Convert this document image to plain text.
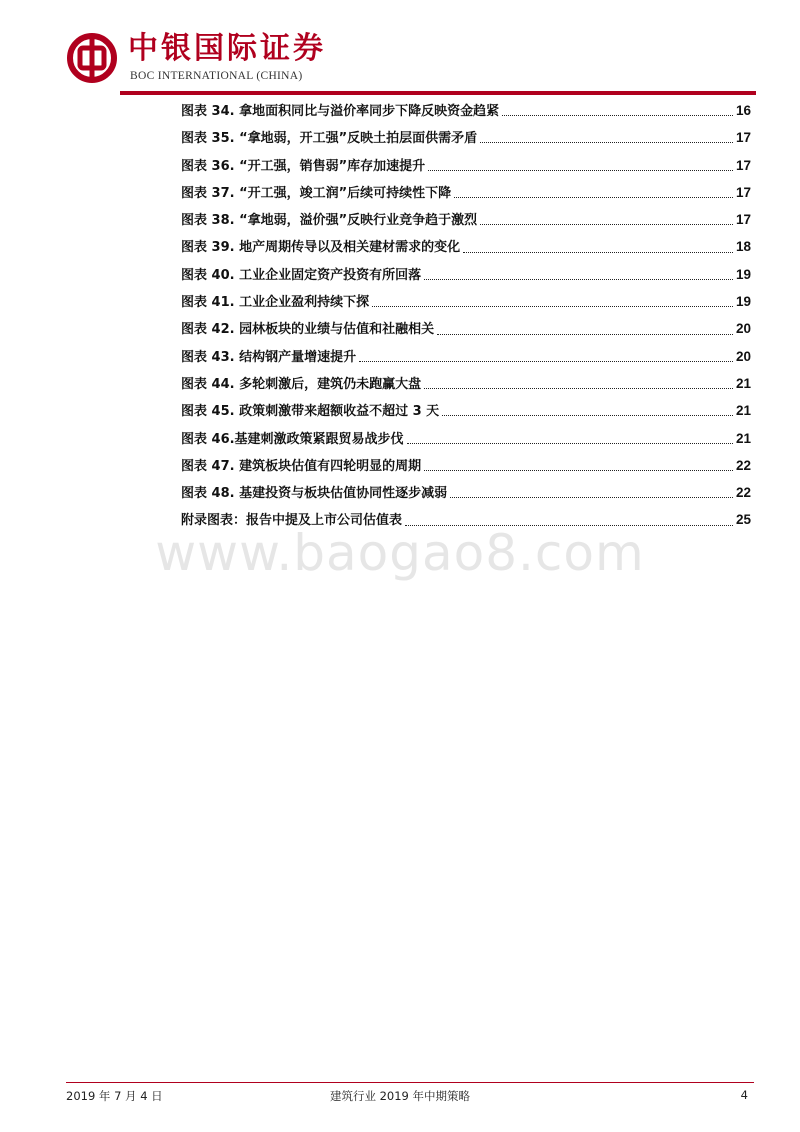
中银国际证券
BOC INTERNATIONAL (CHINA)
图表 34. 拿地面积同比与溢价率同步下降反映资金趋紧	16
图表 35. “拿地弱，开工强”反映土拍层面供需矛盾	17
图表 36. “开工强，销售弱”库存加速提升	17
图表 37. “开工强，竣工润”后续可持续性下降	17
图表 38. “拿地弱，溢价强”反映行业竞争趋于激烈	17
图表 39. 地产周期传导以及相关建材需求的变化	18
图表 40. 工业企业固定资产投资有所回落	19
图表 41. 工业企业盈利持续下探	19
图表 42. 园林板块的业绩与估值和社融相关	20
图表 43. 结构钢产量增速提升	20
图表 44. 多轮刺激后，建筑仍未跑赢大盘	21
图表 45. 政策刺激带来超额收益不超过 3 天	21
图表 46.基建刺激政策紧跟贸易战步伐	21
图表 47. 建筑板块估值有四轮明显的周期	22
图表 48. 基建投资与板块估值协同性逐步减弱	22
附录图表：报告中提及上市公司估值表	25
www.baogao8.com
2019 年 7 月 4 日	建筑行业 2019 年中期策略	4
